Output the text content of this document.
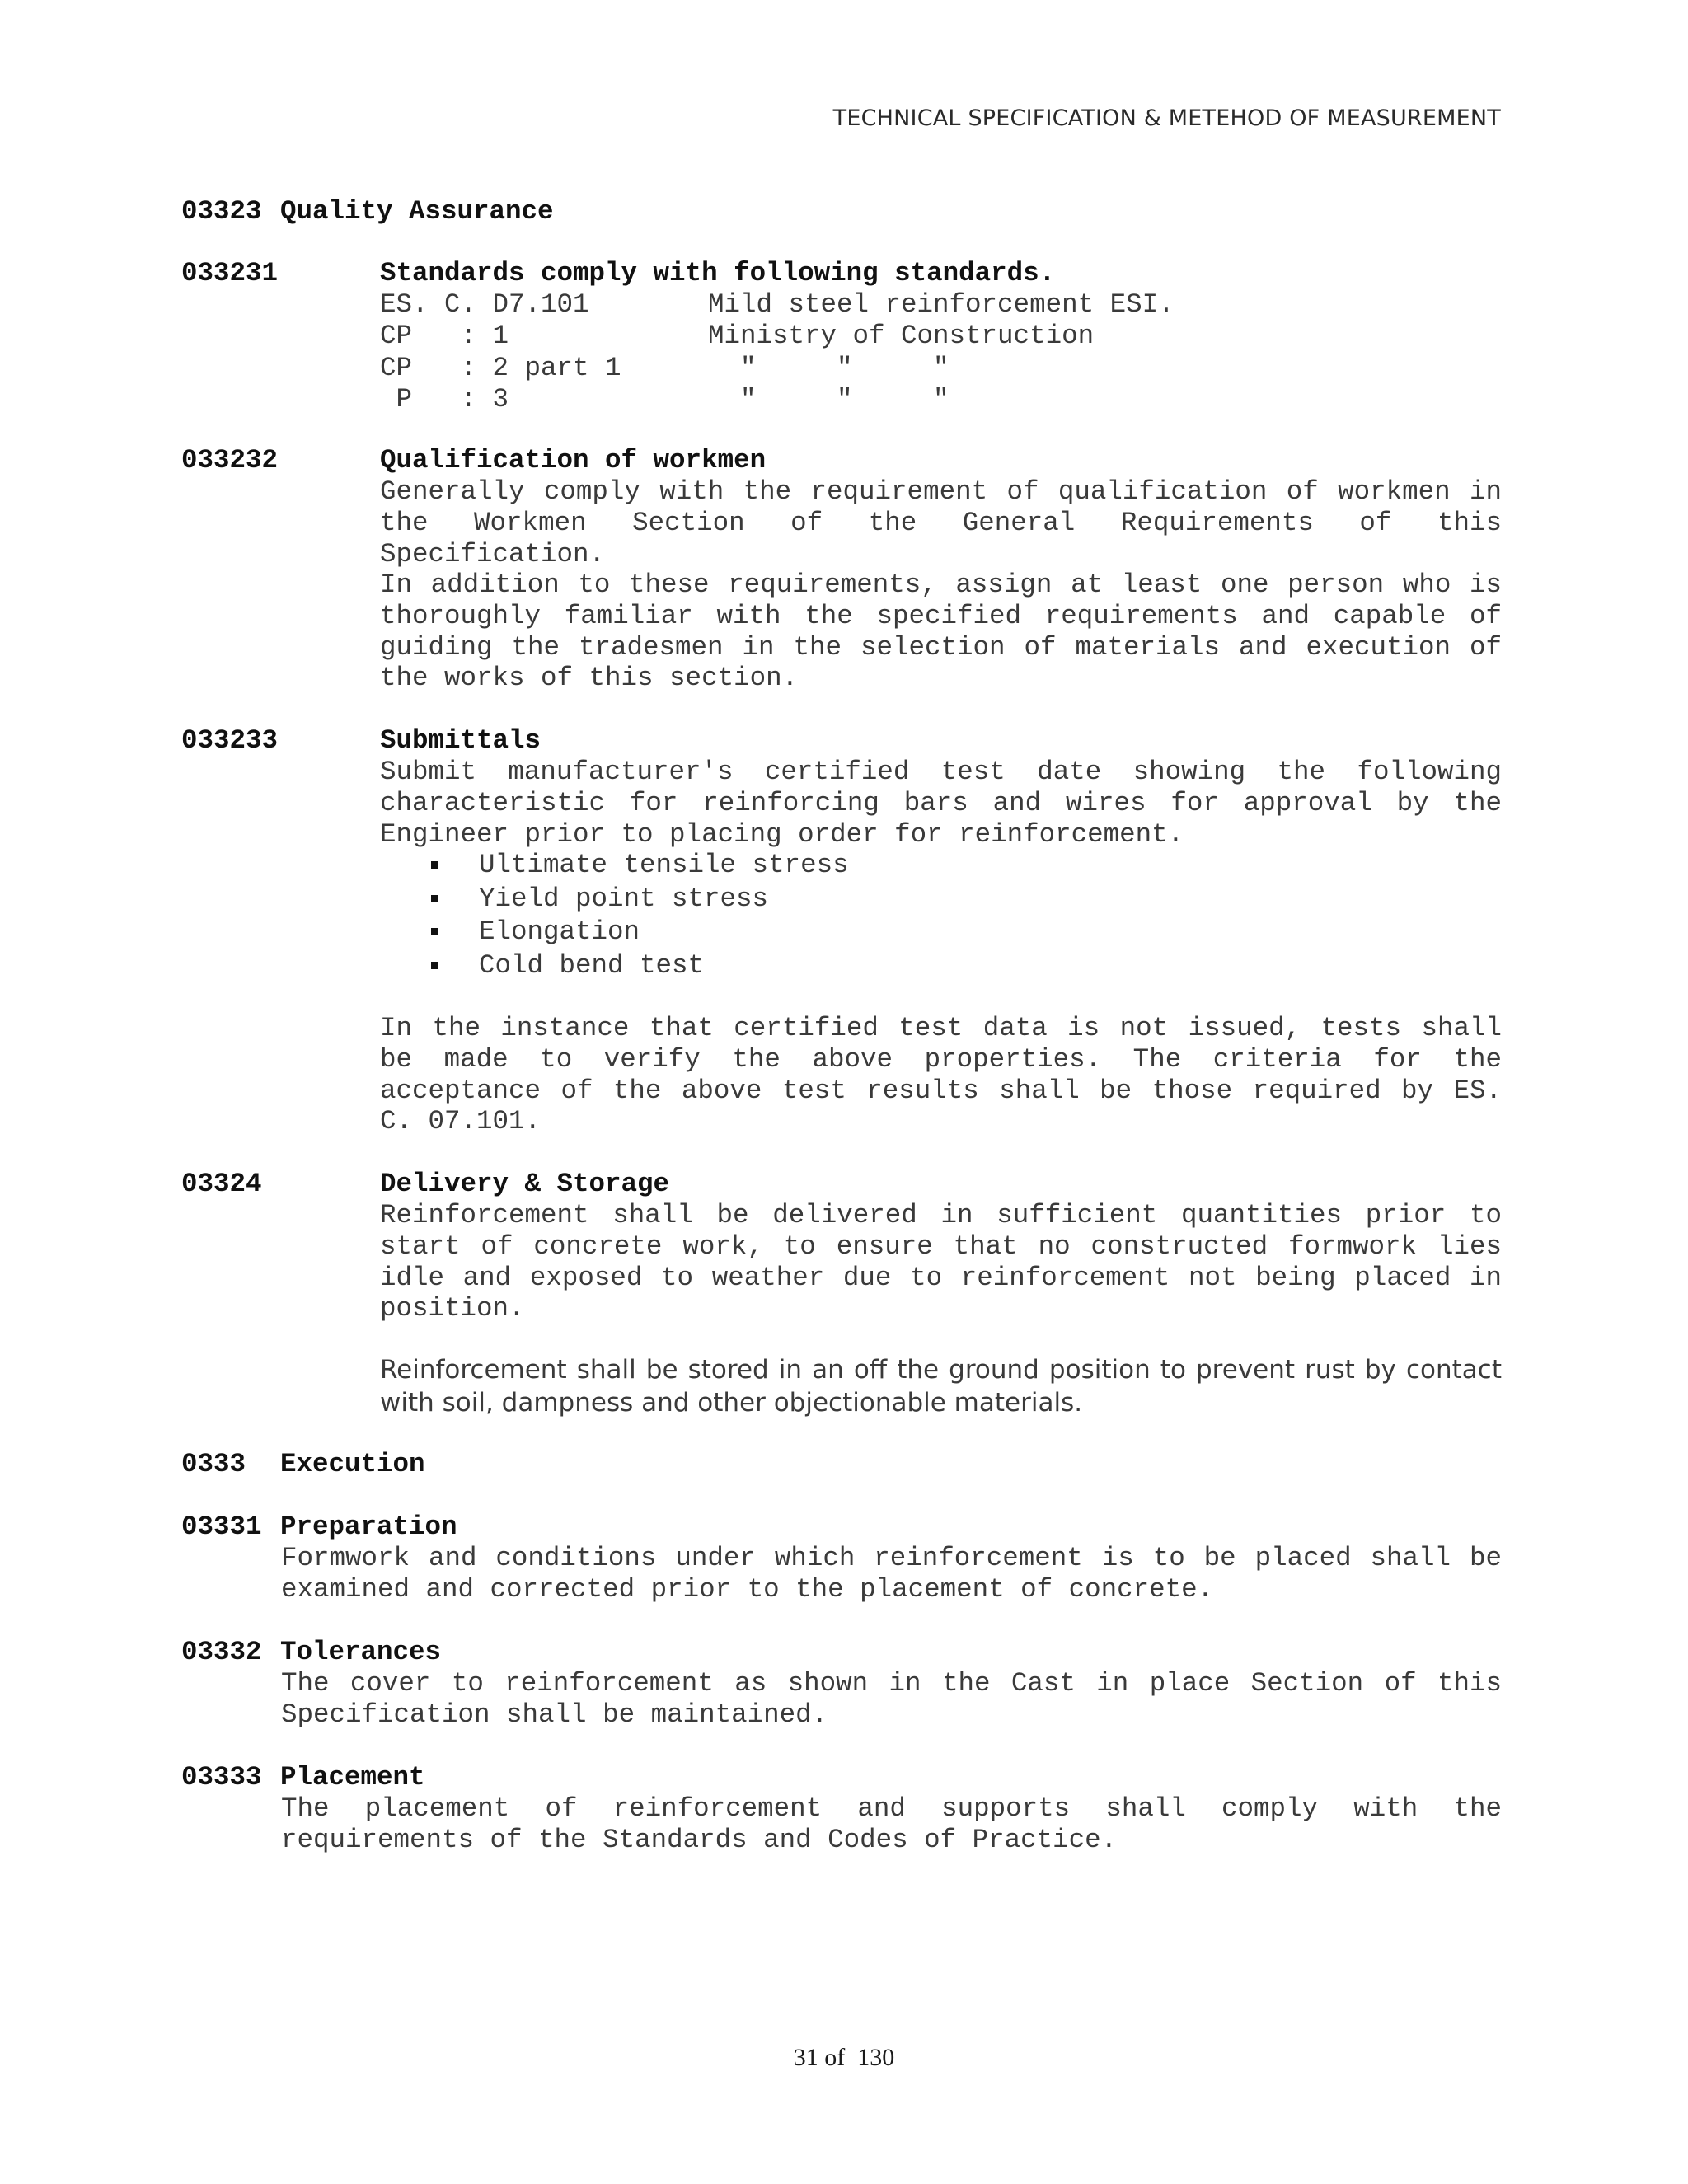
TECHNICAL SPECIFICATION & METEHOD OF MEASUREMENT
03323 Quality Assurance
033231	Standards comply with following standards.
ES. C. D7.101	Mild steel reinforcement ESI.
CP   : 1	Ministry of Construction
CP   : 2 part 1	"     "     "
P   : 3	"     "     "
033232	Qualification of workmen
Generally comply with the requirement of qualification of workmen in the Workmen Section of the General Requirements of this Specification.
In addition to these requirements, assign at least one person who is thoroughly familiar with the specified requirements and capable of guiding the tradesmen in the selection of materials and execution of the works of this section.
033233	Submittals
Submit manufacturer's certified test date showing the following characteristic for reinforcing bars and wires for approval by the Engineer prior to placing order for reinforcement.
Ultimate tensile stress
Yield point stress
Elongation
Cold bend test
In the instance that certified test data is not issued, tests shall be made to verify the above properties. The criteria for the acceptance of the above test results shall be those required by ES. C. 07.101.
03324	Delivery & Storage
Reinforcement shall be delivered in sufficient quantities prior to start of concrete work, to ensure that no constructed formwork lies idle and exposed to weather due to reinforcement not being placed in position.
Reinforcement shall be stored in an off the ground position to prevent rust by contact with soil, dampness and other objectionable materials.
0333 Execution
03331 Preparation
Formwork and conditions under which reinforcement is to be placed shall be examined and corrected prior to the placement of concrete.
03332 Tolerances
The cover to reinforcement as shown in the Cast in place Section of this Specification shall be maintained.
03333 Placement
The placement of reinforcement and supports shall comply with the requirements of the Standards and Codes of Practice.
31 of 130
